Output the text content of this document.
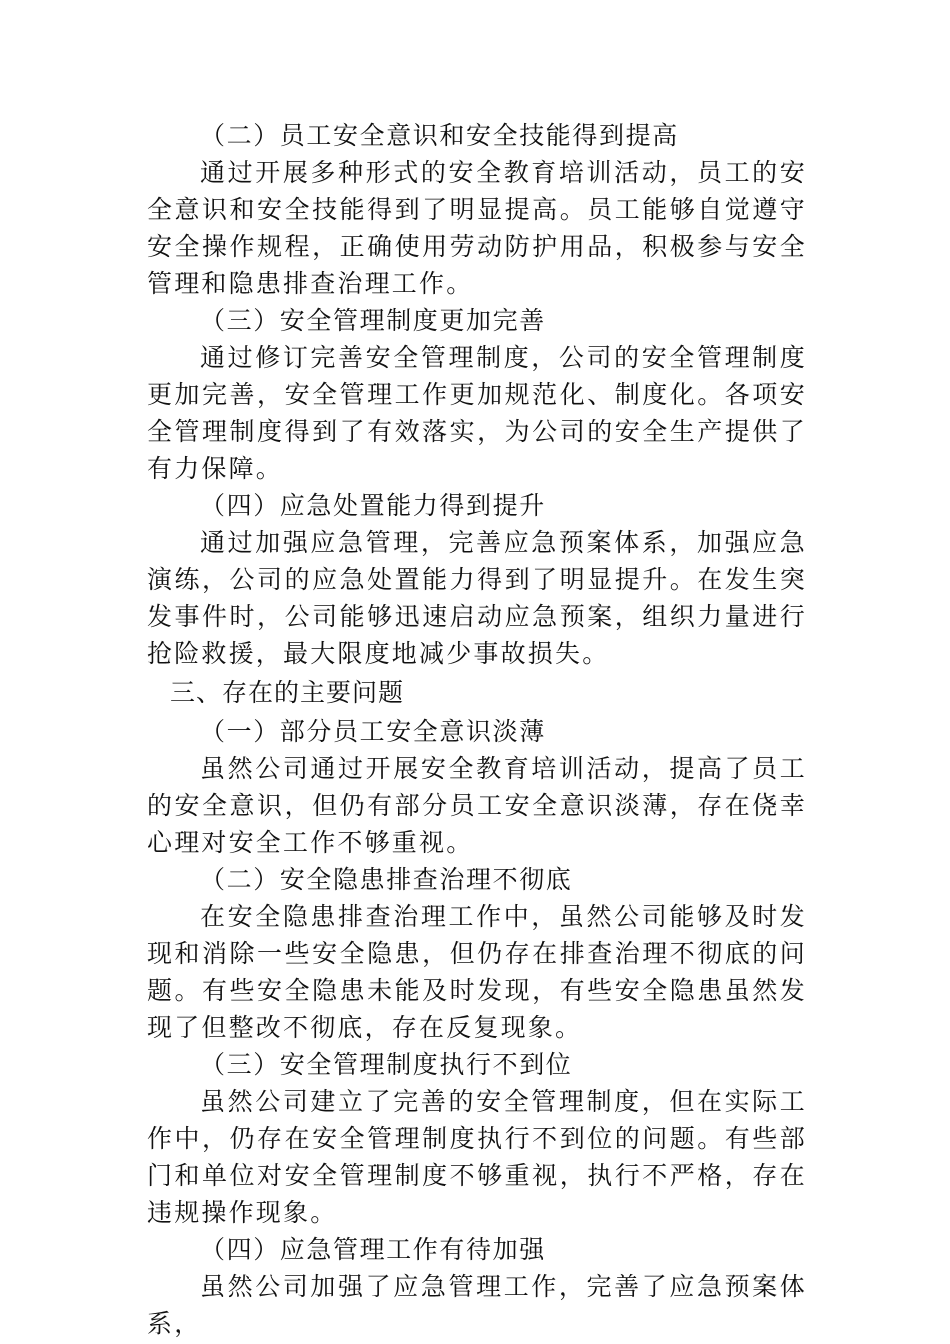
（二）员工安全意识和安全技能得到提高

通过开展多种形式的安全教育培训活动，员工的安全意识和安全技能得到了明显提高。员工能够自觉遵守安全操作规程，正确使用劳动防护用品，积极参与安全管理和隐患排查治理工作。

（三）安全管理制度更加完善

通过修订完善安全管理制度，公司的安全管理制度更加完善，安全管理工作更加规范化、制度化。各项安全管理制度得到了有效落实，为公司的安全生产提供了有力保障。

（四）应急处置能力得到提升

通过加强应急管理，完善应急预案体系，加强应急演练，公司的应急处置能力得到了明显提升。在发生突发事件时，公司能够迅速启动应急预案，组织力量进行抢险救援，最大限度地减少事故损失。

三、存在的主要问题

（一）部分员工安全意识淡薄

虽然公司通过开展安全教育培训活动，提高了员工的安全意识，但仍有部分员工安全意识淡薄，存在侥幸心理对安全工作不够重视。

（二）安全隐患排查治理不彻底

在安全隐患排查治理工作中，虽然公司能够及时发现和消除一些安全隐患，但仍存在排查治理不彻底的问题。有些安全隐患未能及时发现，有些安全隐患虽然发现了但整改不彻底，存在反复现象。

（三）安全管理制度执行不到位

虽然公司建立了完善的安全管理制度，但在实际工作中，仍存在安全管理制度执行不到位的问题。有些部门和单位对安全管理制度不够重视，执行不严格，存在违规操作现象。

（四）应急管理工作有待加强

虽然公司加强了应急管理工作，完善了应急预案体系，
